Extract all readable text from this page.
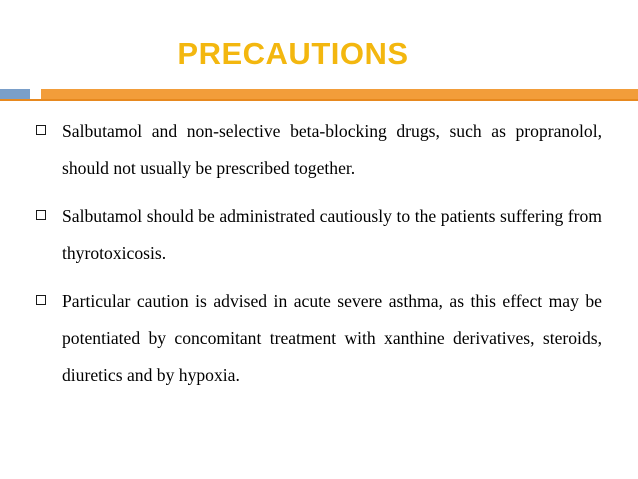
PRECAUTIONS
Salbutamol and non-selective beta-blocking drugs, such as propranolol, should not usually be prescribed together.
Salbutamol should be administrated cautiously to the patients suffering from thyrotoxicosis.
Particular caution is advised in acute severe asthma, as this effect may be potentiated by concomitant treatment with xanthine derivatives, steroids, diuretics and by hypoxia.
